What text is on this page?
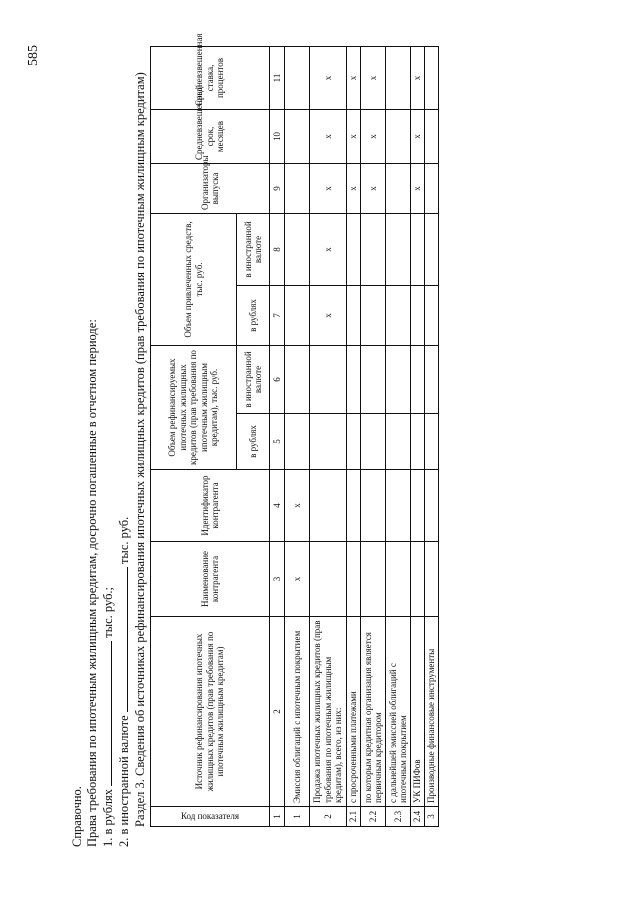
585
Справочно. Права требования по ипотечным жилищным кредитам, досрочно погашенные в отчетном периоде: 1. в рублях  тыс. руб.;
2. в иностранной валюте  тыс. руб. Раздел 3. Сведения об источниках рефинансирования ипотечных жилищных кредитов (прав требования по ипотечным жилищным кредитам)	Код показателя	Источник рефинансирования ипотечных жилищных кредитов (прав требования по ипотечным жилищным кредитам)	Наименование контрагента	Идентификатор контрагента	Объем рефинансируемых ипотечных жилищных кредитов (прав требования по ипотечным жилищным кредитам), тыс. руб.		Объем привлеченных средств, тыс. руб.		Организаторы выпуска	Средневзвешенный срок, месяцев	Средневзвешенная ставка, процентов
				в рублях	в иностранной валюте	в рублях	в иностранной валюте			
1	2	3	4	5	6	7	8	9	10	11
1	Эмиссия облигаций с ипотечным покрытием	x	x							
2	Продажа ипотечных жилищных кредитов (прав требования по ипотечным жилищным кредитам), всего, из них:					x	x	x	x	x
2.1	с просроченными платежами							x	x	x
2.2	по которым кредитная организация является первичным кредитором							x	x	x
2.3	с дальнейшей эмиссией облигаций с ипотечным покрытием									
2.4	УК ПИФов							x	x	x
3	Производные финансовые инструменты									
